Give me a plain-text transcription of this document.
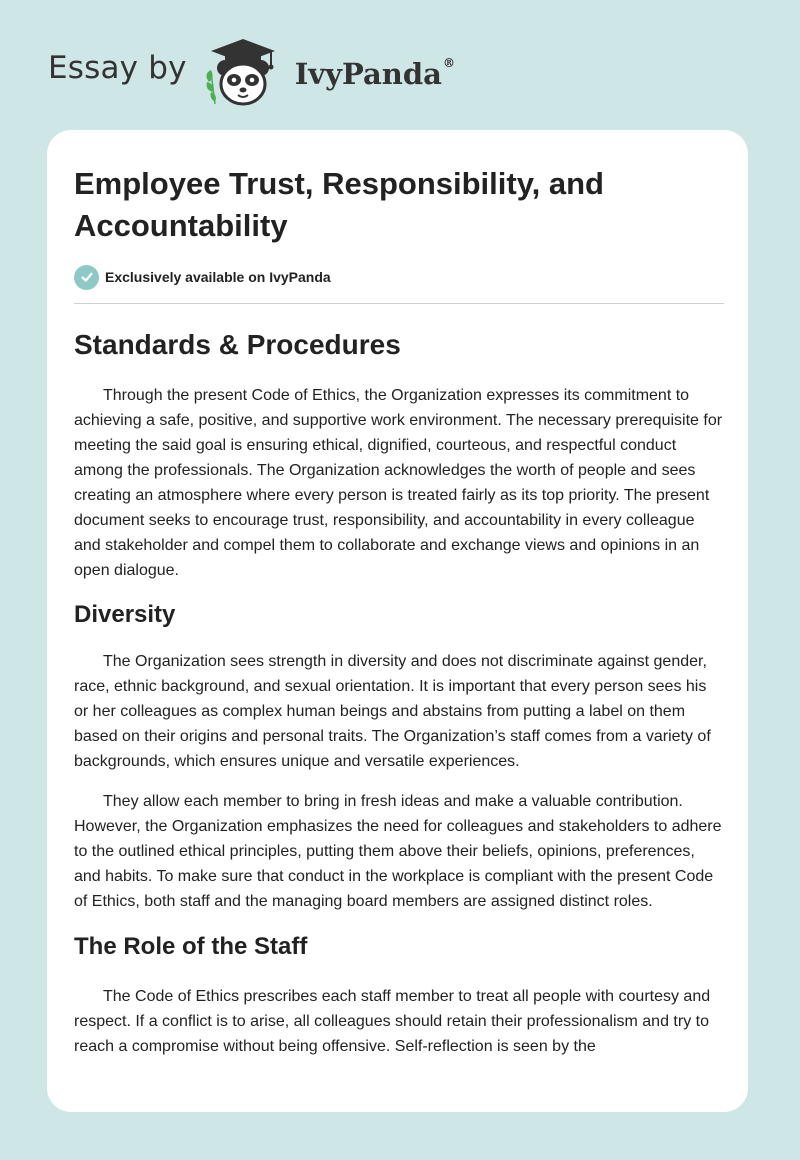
Essay by	IvyPanda®
Employee Trust, Responsibility, and Accountability
Exclusively available on IvyPanda
Standards & Procedures

Through the present Code of Ethics, the Organization expresses its commitment to achieving a safe, positive, and supportive work environment. The necessary prerequisite for meeting the said goal is ensuring ethical, dignified, courteous, and respectful conduct among the professionals. The Organization acknowledges the worth of people and sees creating an atmosphere where every person is treated fairly as its top priority. The present document seeks to encourage trust, responsibility, and accountability in every colleague and stakeholder and compel them to collaborate and exchange views and opinions in an open dialogue.

Diversity

The Organization sees strength in diversity and does not discriminate against gender, race, ethnic background, and sexual orientation. It is important that every person sees his or her colleagues as complex human beings and abstains from putting a label on them based on their origins and personal traits. The Organization’s staff comes from a variety of backgrounds, which ensures unique and versatile experiences.

They allow each member to bring in fresh ideas and make a valuable contribution. However, the Organization emphasizes the need for colleagues and stakeholders to adhere to the outlined ethical principles, putting them above their beliefs, opinions, preferences, and habits. To make sure that conduct in the workplace is compliant with the present Code of Ethics, both staff and the managing board members are assigned distinct roles.

The Role of the Staff

The Code of Ethics prescribes each staff member to treat all people with courtesy and respect. If a conflict is to arise, all colleagues should retain their professionalism and try to reach a compromise without being offensive. Self-reflection is seen by the
